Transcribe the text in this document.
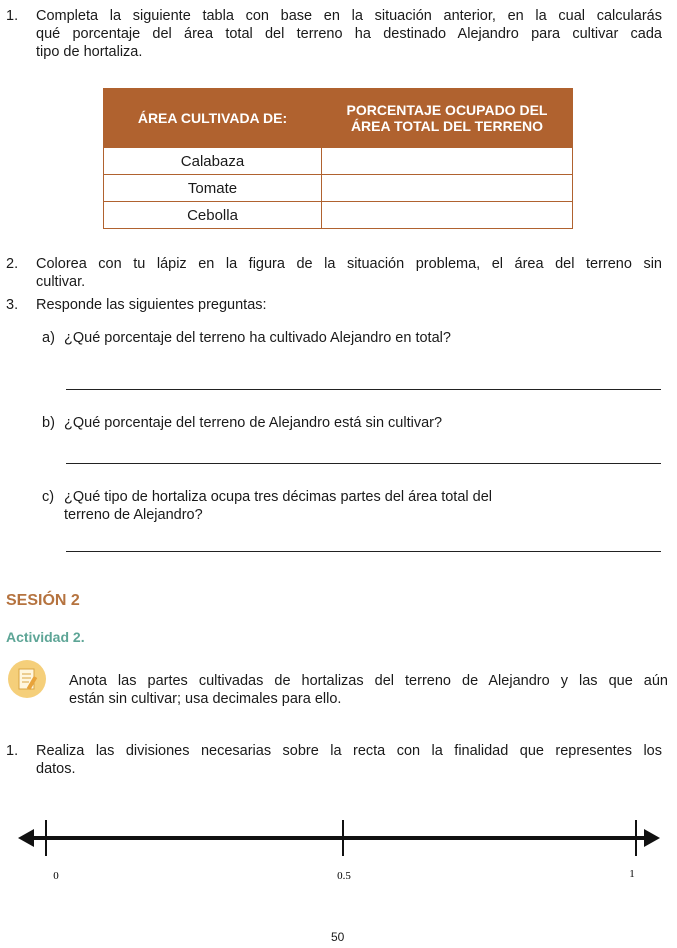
1. Completa la siguiente tabla con base en la situación anterior, en la cual calcularás
qué porcentaje del área total del terreno ha destinado Alejandro para cultivar cada
tipo de hortaliza.
ÁREA CULTIVADA DE:	PORCENTAJE OCUPADO DEL
ÁREA TOTAL DEL TERRENO

Calabaza	
Tomate	
Cebolla	
2. Colorea con tu lápiz en la figura de la situación problema, el área del terreno sin
cultivar.
3. Responde las siguientes preguntas:
a) ¿Qué porcentaje del terreno ha cultivado Alejandro en total?
b) ¿Qué porcentaje del terreno de Alejandro está sin cultivar?
c) ¿Qué tipo de hortaliza ocupa tres décimas partes del área total del
terreno de Alejandro?
SESIÓN 2
Actividad 2.
Anota las partes cultivadas de hortalizas del terreno de Alejandro y las que aún
están sin cultivar; usa decimales para ello.
1. Realiza las divisiones necesarias sobre la recta con la finalidad que representes los
datos.
0	0.5	1
50
